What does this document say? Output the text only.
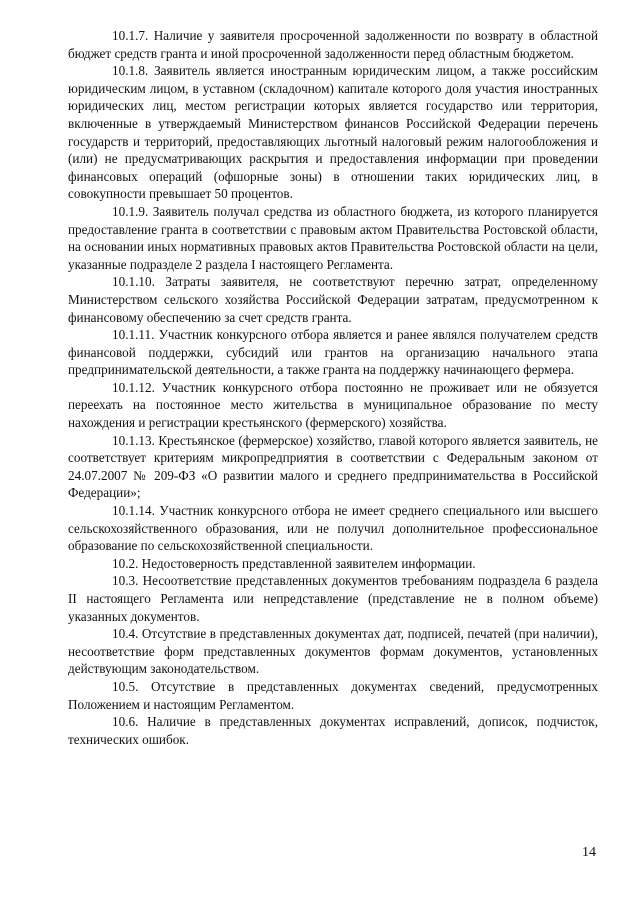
10.1.7. Наличие у заявителя просроченной задолженности по возврату в областной бюджет средств гранта и иной просроченной задолженности перед областным бюджетом.

10.1.8. Заявитель является иностранным юридическим лицом, а также российским юридическим лицом, в уставном (складочном) капитале которого доля участия иностранных юридических лиц, местом регистрации которых является государство или территория, включенные в утверждаемый Министерством финансов Российской Федерации перечень государств и территорий, предоставляющих льготный налоговый режим налогообложения и (или) не предусматривающих раскрытия и предоставления информации при проведении финансовых операций (офшорные зоны) в отношении таких юридических лиц, в совокупности превышает 50 процентов.

10.1.9. Заявитель получал средства из областного бюджета, из которого планируется предоставление гранта в соответствии с правовым актом Правительства Ростовской области, на основании иных нормативных правовых актов Правительства Ростовской области на цели, указанные подразделе 2 раздела I настоящего Регламента.

10.1.10. Затраты заявителя, не соответствуют перечню затрат, определенному Министерством сельского хозяйства Российской Федерации затратам, предусмотренном к финансовому обеспечению за счет средств гранта.

10.1.11. Участник конкурсного отбора является и ранее являлся получателем средств финансовой поддержки, субсидий или грантов на организацию начального этапа предпринимательской деятельности, а также гранта на поддержку начинающего фермера.

10.1.12. Участник конкурсного отбора постоянно не проживает или не обязуется переехать на постоянное место жительства в муниципальное образование по месту нахождения и регистрации крестьянского (фермерского) хозяйства.

10.1.13. Крестьянское (фермерское) хозяйство, главой которого является заявитель, не соответствует критериям микропредприятия в соответствии с Федеральным законом от 24.07.2007 № 209-ФЗ «О развитии малого и среднего предпринимательства в Российской Федерации»;

10.1.14. Участник конкурсного отбора не имеет среднего специального или высшего сельскохозяйственного образования, или не получил дополнительное профессиональное образование по сельскохозяйственной специальности.

10.2. Недостоверность представленной заявителем информации.

10.3. Несоответствие представленных документов требованиям подраздела 6 раздела II настоящего Регламента или непредставление (представление не в полном объеме) указанных документов.

10.4. Отсутствие в представленных документах дат, подписей, печатей (при наличии), несоответствие форм представленных документов формам документов, установленных действующим законодательством.

10.5. Отсутствие в представленных документах сведений, предусмотренных Положением и настоящим Регламентом.

10.6. Наличие в представленных документах исправлений, дописок, подчисток, технических ошибок.

14
